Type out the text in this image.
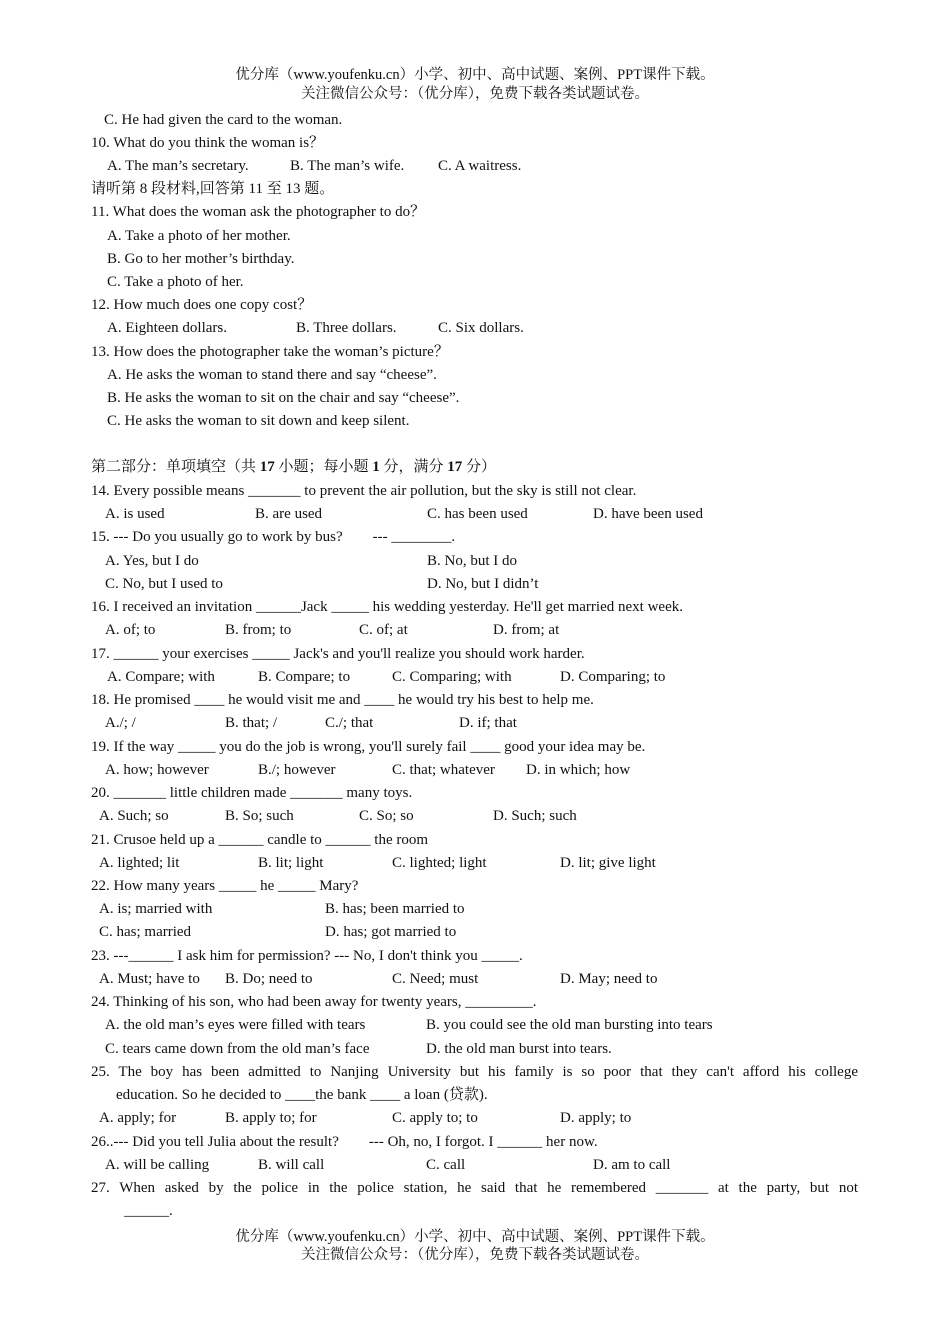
优分库（www.youfenku.cn）小学、初中、高中试题、案例、PPT课件下载。
关注微信公众号：（优分库），免费下载各类试题试卷。
C. He had given the card to the woman.
10. What do you think the woman is？
A. The man’s secretary.	B. The man’s wife. C. A waitress.
请听第 8 段材料,回答第 11 至 13 题。
11. What does the woman ask the photographer to do？
A. Take a photo of her mother.
B. Go to her mother’s birthday.
C. Take a photo of her.
12. How much does one copy cost？
A. Eighteen dollars.	B. Three dollars.	C. Six dollars.
13. How does the photographer take the woman’s picture？
A. He asks the woman to stand there and say “cheese”.
B. He asks the woman to sit on the chair and say “cheese”.
C. He asks the woman to sit down and keep silent.
第二部分：单项填空（共 17 小题；每小题 1 分，满分 17 分）
14. Every possible means _______ to prevent the air pollution, but the sky is still not clear.
A. is used	B. are used	C. has been used	D. have been used
15. --- Do you usually go to work by bus?　　--- ________.
A. Yes, but I do	B. No, but I do
C. No, but I used to	D. No, but I didn’t
16. I received an invitation ______Jack _____ his wedding yesterday. He'll get married next week.
A. of; to	B. from; to	C. of; at	D. from; at
17. ______ your exercises _____ Jack's and you'll realize you should work harder.
A. Compare; with	B. Compare; to	C. Comparing; with	D. Comparing; to
18. He promised ____ he would visit me and ____ he would try his best to help me.
A./; /	B. that; /	C./; that	D. if; that
19. If the way _____ you do the job is wrong, you'll surely fail ____ good your idea may be.
A. how; however	B./; however	C. that; whatever D. in which; how
20. _______ little children made _______ many toys.
A. Such; so	B. So; such	C. So; so	D. Such; such
21. Crusoe held up a ______ candle to ______ the room
A. lighted; lit	B. lit; light	C. lighted; light	D. lit; give light
22. How many years _____ he _____ Mary?
A. is; married with	B. has; been married to
C. has; married	D. has; got married to
23. ---______ I ask him for permission? --- No, I don't think you _____.
A. Must; have to B. Do; need to	C. Need; must	D. May; need to
24. Thinking of his son, who had been away for twenty years, _________.
A. the old man’s eyes were filled with tears	B. you could see the old man bursting into tears
C. tears came down from the old man’s face	D. the old man burst into tears.
25. The boy has been admitted to Nanjing University but his family is so poor that they can't afford his college
education. So he decided to ____the bank ____ a loan (贷款).
A. apply; for	B. apply to; for	C. apply to; to	D. apply; to
26..--- Did you tell Julia about the result?　　--- Oh, no, I forgot. I ______ her now.
A. will be calling	B. will call	C. call	D. am to call
27. When asked by the police in the police station, he said that he remembered _______ at the party, but not
______.
优分库（www.youfenku.cn）小学、初中、高中试题、案例、PPT课件下载。
关注微信公众号：（优分库），免费下载各类试题试卷。
